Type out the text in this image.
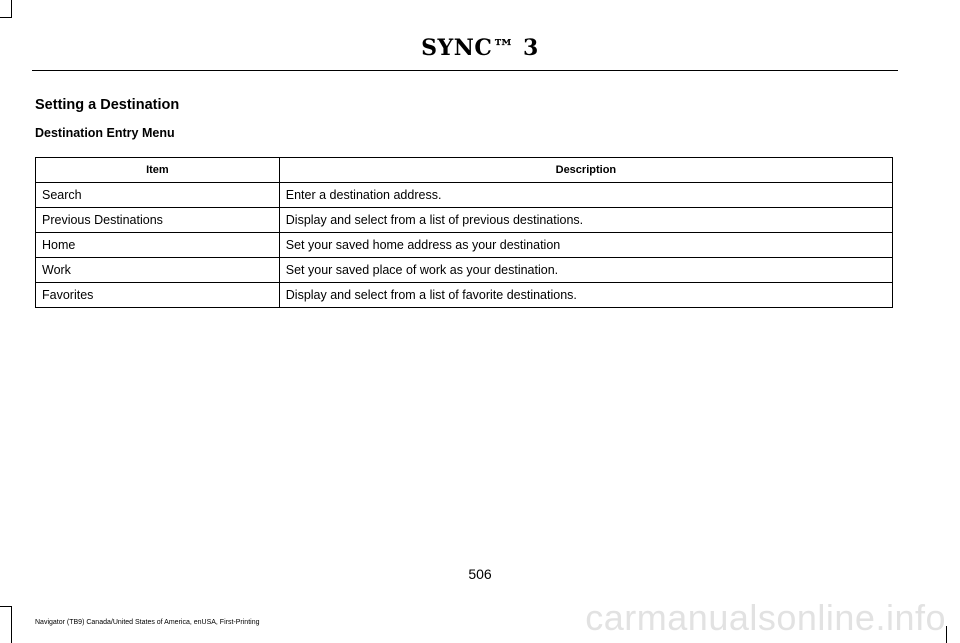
SYNC™ 3
Setting a Destination
Destination Entry Menu
Item	Description
Search	Enter a destination address.
Previous Destinations	Display and select from a list of previous destinations.
Home	Set your saved home address as your destination
Work	Set your saved place of work as your destination.
Favorites	Display and select from a list of favorite destinations.
506
Navigator (TB9) Canada/United States of America, enUSA, First-Printing	carmanualsonline.info
